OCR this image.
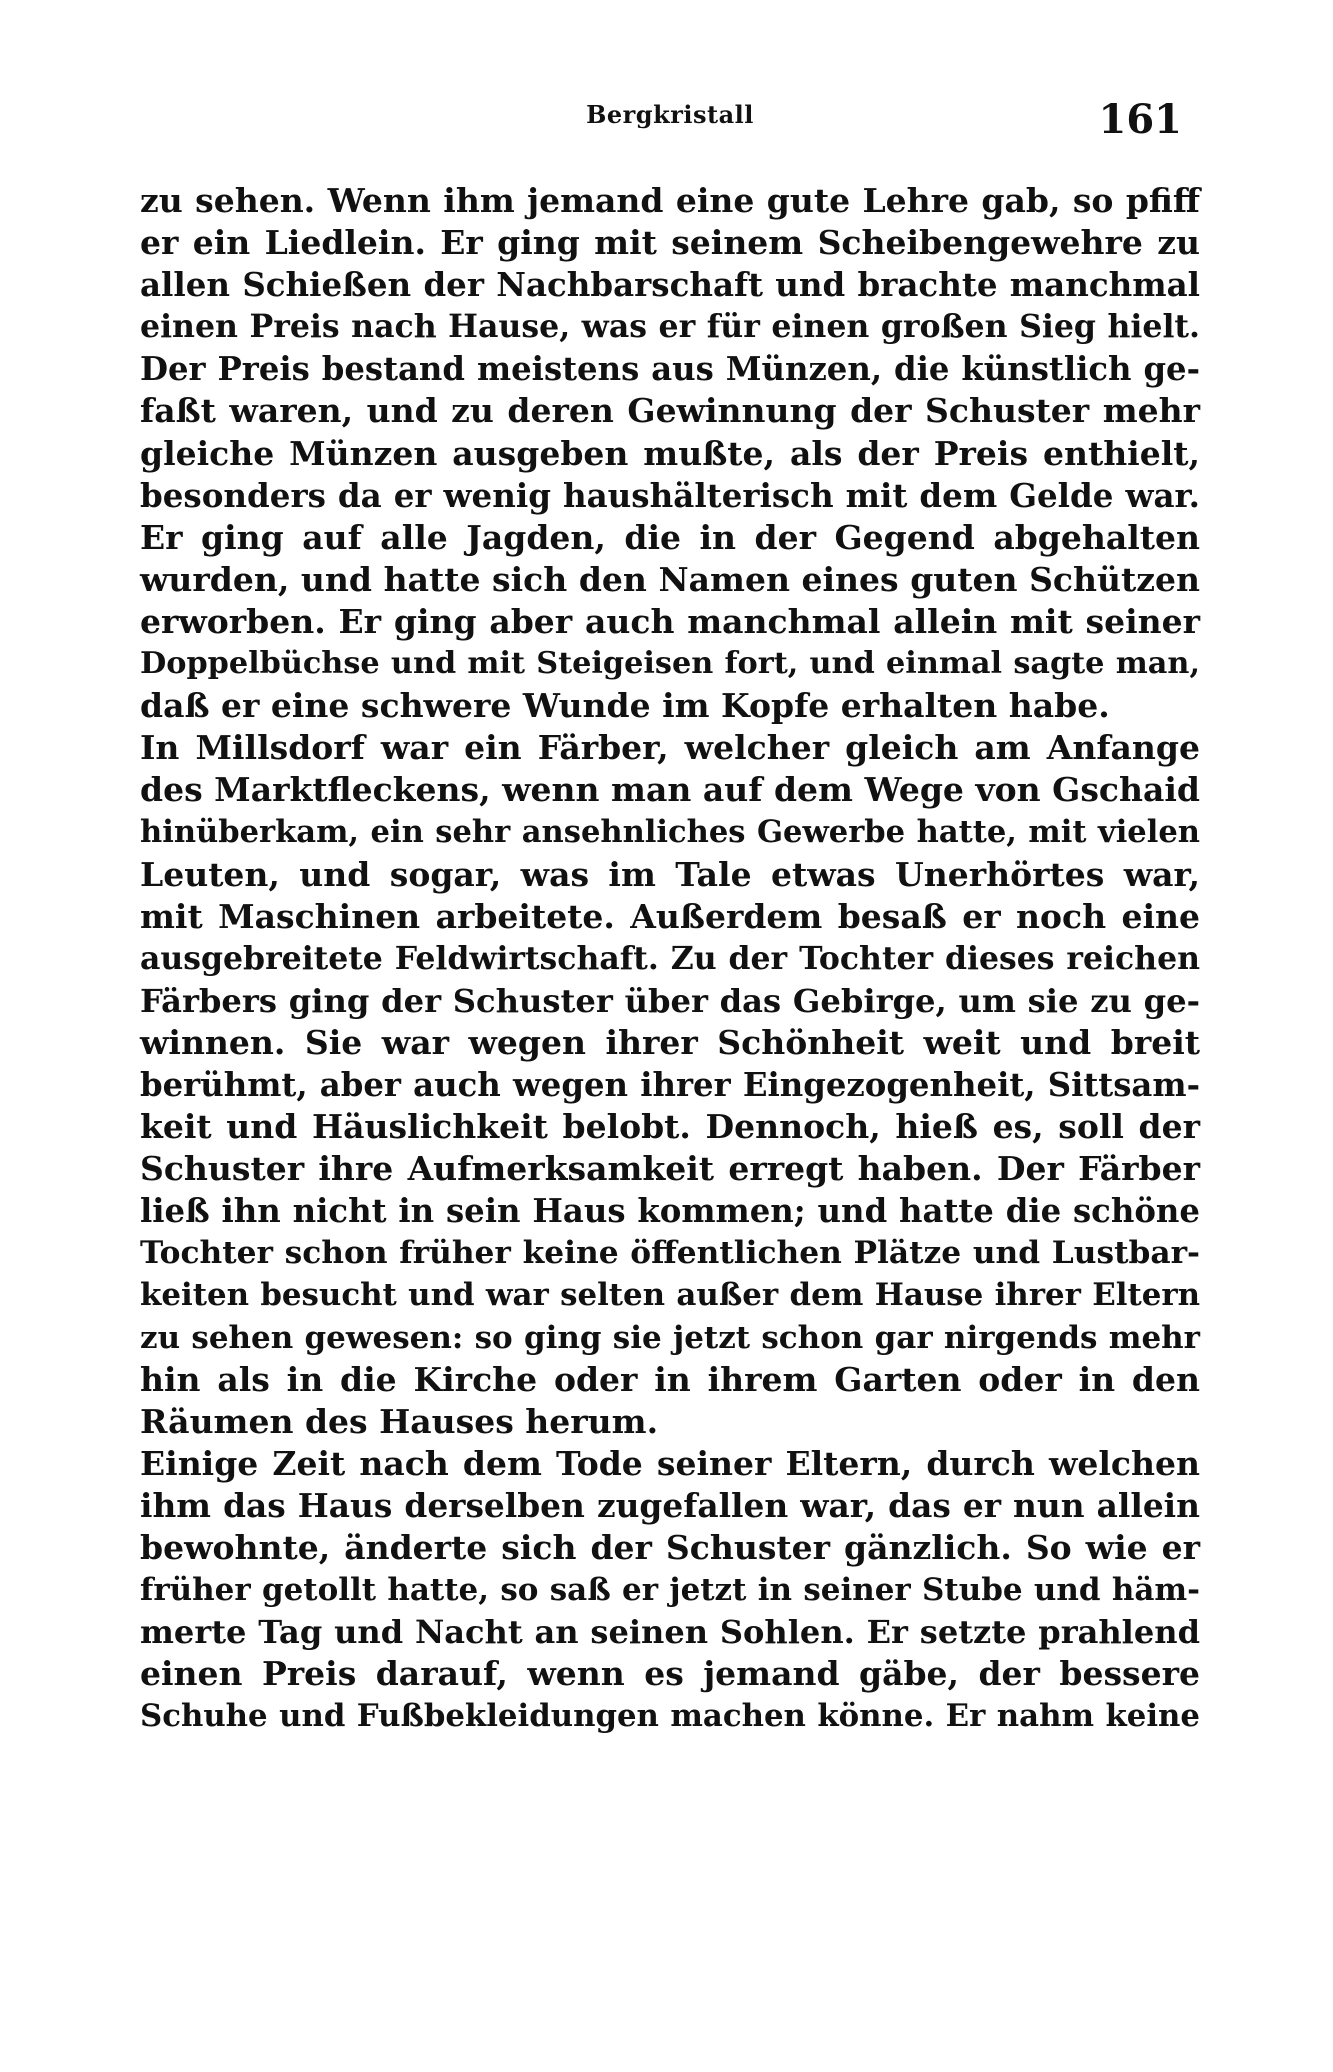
Bergkristall	161
zu sehen. Wenn ihm jemand eine gute Lehre gab, so pfiff
er ein Liedlein. Er ging mit seinem Scheibengewehre zu
allen Schießen der Nachbarschaft und brachte manchmal
einen Preis nach Hause, was er für einen großen Sieg hielt.
Der Preis bestand meistens aus Münzen, die künstlich ge-
faßt waren, und zu deren Gewinnung der Schuster mehr
gleiche Münzen ausgeben mußte, als der Preis enthielt,
besonders da er wenig haushälterisch mit dem Gelde war.
Er ging auf alle Jagden, die in der Gegend abgehalten
wurden, und hatte sich den Namen eines guten Schützen
erworben. Er ging aber auch manchmal allein mit seiner
Doppelbüchse und mit Steigeisen fort, und einmal sagte man,
daß er eine schwere Wunde im Kopfe erhalten habe.
In Millsdorf war ein Färber, welcher gleich am Anfange
des Marktfleckens, wenn man auf dem Wege von Gschaid
hinüberkam, ein sehr ansehnliches Gewerbe hatte, mit vielen
Leuten, und sogar, was im Tale etwas Unerhörtes war,
mit Maschinen arbeitete. Außerdem besaß er noch eine
ausgebreitete Feldwirtschaft. Zu der Tochter dieses reichen
Färbers ging der Schuster über das Gebirge, um sie zu ge-
winnen. Sie war wegen ihrer Schönheit weit und breit
berühmt, aber auch wegen ihrer Eingezogenheit, Sittsam-
keit und Häuslichkeit belobt. Dennoch, hieß es, soll der
Schuster ihre Aufmerksamkeit erregt haben. Der Färber
ließ ihn nicht in sein Haus kommen; und hatte die schöne
Tochter schon früher keine öffentlichen Plätze und Lustbar-
keiten besucht und war selten außer dem Hause ihrer Eltern
zu sehen gewesen: so ging sie jetzt schon gar nirgends mehr
hin als in die Kirche oder in ihrem Garten oder in den
Räumen des Hauses herum.
Einige Zeit nach dem Tode seiner Eltern, durch welchen
ihm das Haus derselben zugefallen war, das er nun allein
bewohnte, änderte sich der Schuster gänzlich. So wie er
früher getollt hatte, so saß er jetzt in seiner Stube und häm-
merte Tag und Nacht an seinen Sohlen. Er setzte prahlend
einen Preis darauf, wenn es jemand gäbe, der bessere
Schuhe und Fußbekleidungen machen könne. Er nahm keine
